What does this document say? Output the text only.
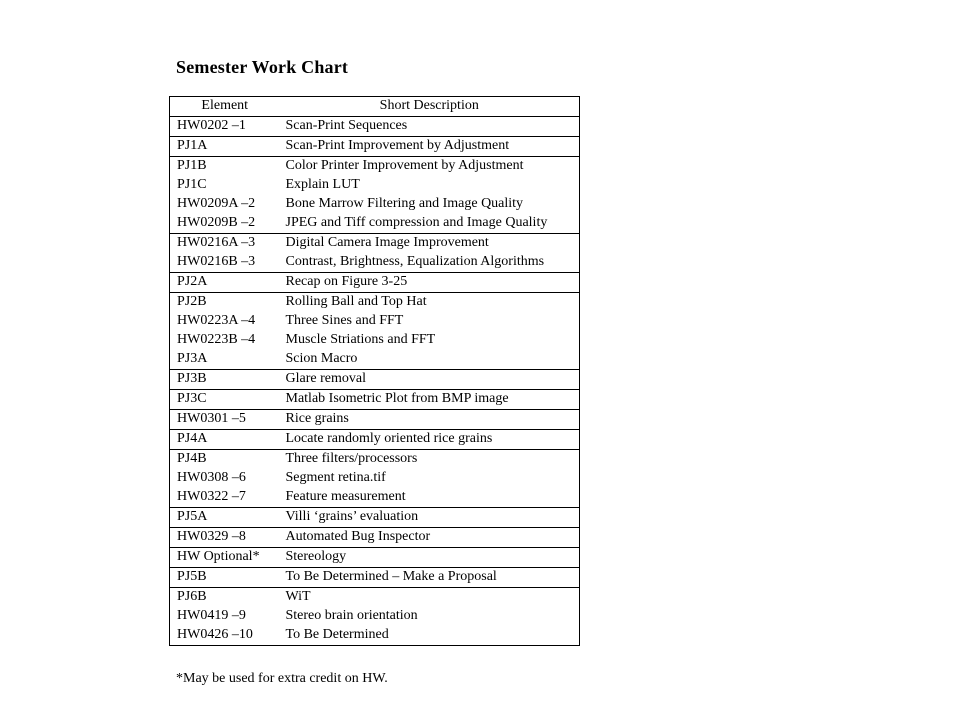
Semester Work Chart
Element	Short Description
HW0202 –1	Scan-Print Sequences
PJ1A	Scan-Print Improvement by Adjustment
PJ1B	Color Printer Improvement by Adjustment
PJ1C	Explain LUT
HW0209A –2	Bone Marrow Filtering and Image Quality
HW0209B –2	JPEG and Tiff compression and Image Quality
HW0216A –3	Digital Camera Image Improvement
HW0216B –3	Contrast, Brightness, Equalization Algorithms
PJ2A	Recap on Figure 3-25
PJ2B	Rolling Ball and Top Hat
HW0223A –4	Three Sines and FFT
HW0223B –4	Muscle Striations and FFT
PJ3A	Scion Macro
PJ3B	Glare removal
PJ3C	Matlab Isometric Plot from BMP image
HW0301 –5	Rice grains
PJ4A	Locate randomly oriented rice grains
PJ4B	Three filters/processors
HW0308 –6	Segment retina.tif
HW0322 –7	Feature measurement
PJ5A	Villi ‘grains’ evaluation
HW0329 –8	Automated Bug Inspector
HW Optional*	Stereology
PJ5B	To Be Determined – Make a Proposal
PJ6B	WiT
HW0419 –9	Stereo brain orientation
HW0426 –10	To Be Determined
*May be used for extra credit on HW.
